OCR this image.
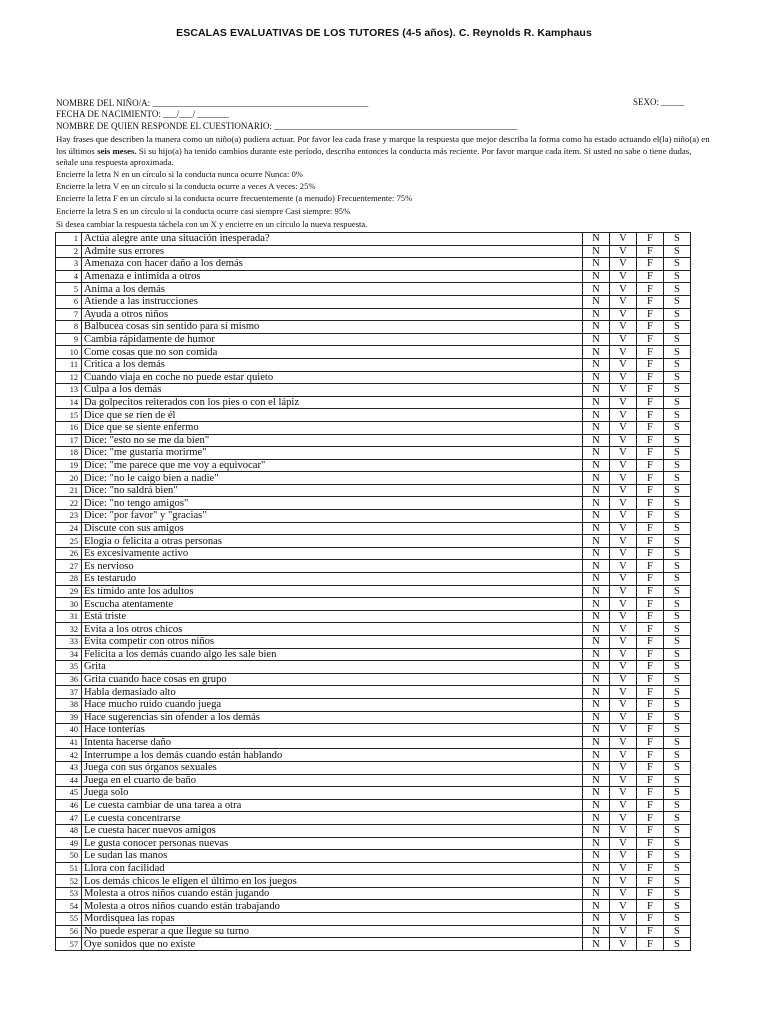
ESCALAS EVALUATIVAS DE LOS TUTORES (4-5 años). C. Reynolds R. Kamphaus
NOMBRE DEL NIÑO/A: ________________________________________________	SEXO: _____
FECHA DE NACIMIENTO: ___/___/ _______
NOMBRE DE QUIEN RESPONDE EL CUESTIONARIO: ______________________________________________________
Hay frases que describen la manera como un niño(a) pudiera actuar. Por favor lea cada frase y marque la respuesta que mejor describa la forma como ha estado actuando el(la) niño(a) en los últimos seis meses. Si su hijo(a) ha tenido cambios durante este período, describa entonces la conducta más reciente. Por favor marque cada ítem. Si usted no sabe o tiene dudas, señale una respuesta aproximada.
Encierre la letra N en un círculo si la conducta nunca ocurre Nunca: 0%
Encierre la letra V en un círculo si la conducta ocurre a veces A veces: 25%
Encierre la letra F en un círculo si la conducta ocurre frecuentemente (a menudo) Frecuentemente: 75%
Encierre la letra S en un círculo si la conducta ocurre casi siempre Casi siempre: 95%
Si desea cambiar la respuesta táchela con un X y encierre en un círculo la nueva respuesta.
1	Actúa alegre ante una situación inesperada?	N	V	F	S
2	Admite sus errores	N	V	F	S
3	Amenaza con hacer daño a los demás	N	V	F	S
4	Amenaza e intimida a otros	N	V	F	S
5	Anima a los demás	N	V	F	S
6	Atiende a las instrucciones	N	V	F	S
7	Ayuda a otros niños	N	V	F	S
8	Balbucea cosas sin sentido para sí mismo	N	V	F	S
9	Cambia rápidamente de humor	N	V	F	S
10	Come cosas que no son comida	N	V	F	S
11	Critica a los demás	N	V	F	S
12	Cuando viaja en coche no puede estar quieto	N	V	F	S
13	Culpa a los demás	N	V	F	S
14	Da golpecitos reiterados con los pies o con el lápiz	N	V	F	S
15	Dice que se ríen de él	N	V	F	S
16	Dice que se siente enfermo	N	V	F	S
17	Dice: "esto no se me da bien"	N	V	F	S
18	Dice: "me gustaría morirme"	N	V	F	S
19	Dice: "me parece que me voy a equivocar"	N	V	F	S
20	Dice: "no le caigo bien a nadie"	N	V	F	S
21	Dice: "no saldrá bien"	N	V	F	S
22	Dice: "no tengo amigos"	N	V	F	S
23	Dice: "por favor" y "gracias"	N	V	F	S
24	Discute con sus amigos	N	V	F	S
25	Elogia o felicita a otras personas	N	V	F	S
26	Es excesivamente activo	N	V	F	S
27	Es nervioso	N	V	F	S
28	Es testarudo	N	V	F	S
29	Es tímido ante los adultos	N	V	F	S
30	Escucha atentamente	N	V	F	S
31	Está triste	N	V	F	S
32	Evita a los otros chicos	N	V	F	S
33	Evita competir con otros niños	N	V	F	S
34	Felicita a los demás cuando algo les sale bien	N	V	F	S
35	Grita	N	V	F	S
36	Grita cuando hace cosas en grupo	N	V	F	S
37	Habla demasiado alto	N	V	F	S
38	Hace mucho ruido cuando juega	N	V	F	S
39	Hace sugerencias sin ofender a los demás	N	V	F	S
40	Hace tonterías	N	V	F	S
41	Intenta hacerse daño	N	V	F	S
42	Interrumpe a los demás cuando están hablando	N	V	F	S
43	Juega con sus órganos sexuales	N	V	F	S
44	Juega en el cuarto de baño	N	V	F	S
45	Juega solo	N	V	F	S
46	Le cuesta cambiar de una tarea a otra	N	V	F	S
47	Le cuesta concentrarse	N	V	F	S
48	Le cuesta hacer nuevos amigos	N	V	F	S
49	Le gusta conocer personas nuevas	N	V	F	S
50	Le sudan las manos	N	V	F	S
51	Llora con facilidad	N	V	F	S
52	Los demás chicos le eligen el último en los juegos	N	V	F	S
53	Molesta a otros niños cuando están jugando	N	V	F	S
54	Molesta a otros niños cuando están trabajando	N	V	F	S
55	Mordisquea las ropas	N	V	F	S
56	No puede esperar a que llegue su turno	N	V	F	S
57	Oye sonidos que no existe	N	V	F	S
